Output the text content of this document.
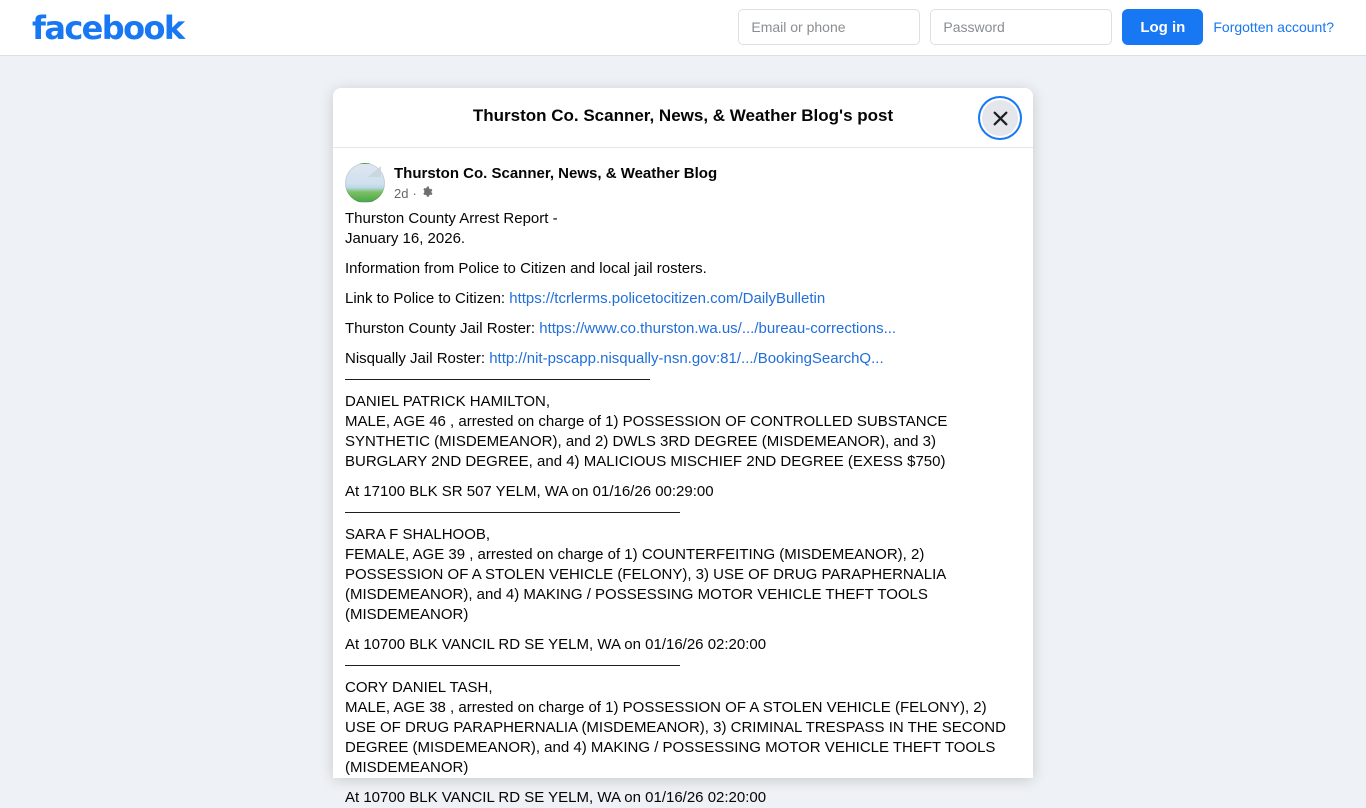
facebook
Email or phone	Log in	Forgotten account?
Thurston Co. Scanner, News, & Weather Blog's post
Thurston Co. Scanner, News, & Weather Blog
2d ·
Thurston County Arrest Report -
January 16, 2026.
Information from Police to Citizen and local jail rosters.
Link to Police to Citizen: https://tcrlerms.policetocitizen.com/DailyBulletin
Thurston County Jail Roster: https://www.co.thurston.wa.us/.../bureau-corrections...
Nisqually Jail Roster: http://nit-pscapp.nisqually-nsn.gov:81/.../BookingSearchQ...
DANIEL PATRICK HAMILTON,
MALE, AGE 46 , arrested on charge of 1) POSSESSION OF CONTROLLED SUBSTANCE SYNTHETIC (MISDEMEANOR), and 2) DWLS 3RD DEGREE (MISDEMEANOR), and 3) BURGLARY 2ND DEGREE, and 4) MALICIOUS MISCHIEF 2ND DEGREE (EXESS $750)
At 17100 BLK SR 507 YELM, WA on 01/16/26 00:29:00
SARA F SHALHOOB,
FEMALE, AGE 39 , arrested on charge of 1) COUNTERFEITING (MISDEMEANOR), 2) POSSESSION OF A STOLEN VEHICLE (FELONY), 3) USE OF DRUG PARAPHERNALIA (MISDEMEANOR), and 4) MAKING / POSSESSING MOTOR VEHICLE THEFT TOOLS (MISDEMEANOR)
At 10700 BLK VANCIL RD SE YELM, WA on 01/16/26 02:20:00
CORY DANIEL TASH,
MALE, AGE 38 , arrested on charge of 1) POSSESSION OF A STOLEN VEHICLE (FELONY), 2) USE OF DRUG PARAPHERNALIA (MISDEMEANOR), 3) CRIMINAL TRESPASS IN THE SECOND DEGREE (MISDEMEANOR), and 4) MAKING / POSSESSING MOTOR VEHICLE THEFT TOOLS (MISDEMEANOR)
At 10700 BLK VANCIL RD SE YELM, WA on 01/16/26 02:20:00
